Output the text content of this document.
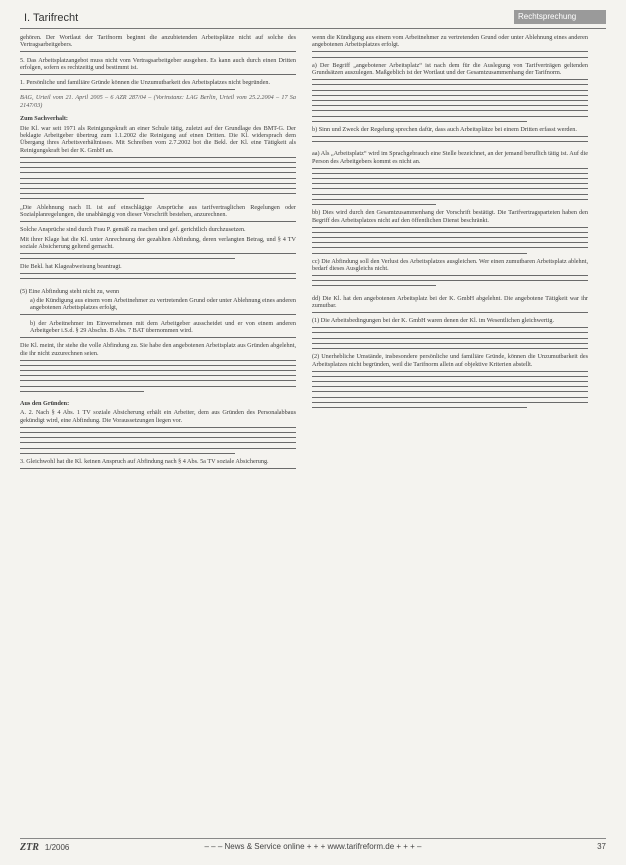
I. Tarifrecht	Rechtsprechung

gehören. Der Wortlaut der Tarifnorm beginnt die anzubietenden Arbeitsplätze nicht auf solche des Vertragsarbeitgebers.

5. Das Arbeitsplatzangebot muss nicht vom Vertragsarbeitgeber ausgehen. Es kann auch durch einen Dritten erfolgen, sofern es rechtzeitig und bestimmt ist.

1. Persönliche und familiäre Gründe können die Unzumutbarkeit des Arbeitsplatzes nicht begründen.

BAG, Urteil vom 21. April 2005 – 6 AZR 287/04 – (Vorinstanz: LAG Berlin, Urteil vom 25.2.2004 – 17 Sa 2147/03)

Zum Sachverhalt:

Die Kl. war seit 1971 als Reinigungskraft an einer Schule tätig, zuletzt auf der Grundlage des BMT-G. Der beklagte Arbeitgeber übertrug zum 1.1.2002 die Reinigung auf einen Dritten. Die Kl. widersprach dem Übergang ihres Arbeitsverhältnisses. Mit Schreiben vom 2.7.2002 bot die Bekl. der Kl. eine Tätigkeit als Reinigungskraft bei der K. GmbH an.

„Die Ablehnung nach II. ist auf einschlägige Ansprüche aus tarifvertraglichen Regelungen oder Sozialplanregelungen, die unabhängig von dieser Vorschrift bestehen, anzurechnen.

Solche Ansprüche sind durch Frau P. gemäß zu machen und gef. gerichtlich durchzusetzen.

Mit ihrer Klage hat die Kl. unter Anrechnung der gezahlten Abfindung, deren verlangten Betrag, und § 4 TV soziale Absicherung geltend gemacht.

Die Bekl. hat Klageabweisung beantragt.

(5) Eine Abfindung steht nicht zu, wenn

a) die Kündigung aus einem vom Arbeitnehmer zu vertretenden Grund oder unter Ablehnung eines anderen angebotenen Arbeitsplatzes erfolgt,

b) der Arbeitnehmer im Einvernehmen mit dem Arbeitgeber ausscheidet und er von einem anderen Arbeitgeber i.S.d. § 29 Abschn. B Abs. 7 BAT übernommen wird.

Die Kl. meint, ihr stehe die volle Abfindung zu. Sie habe den angebotenen Arbeitsplatz aus Gründen abgelehnt, die ihr nicht zuzurechnen seien.

Aus den Gründen:

A. 2. Nach § 4 Abs. 1 TV soziale Absicherung erhält ein Arbeiter, dem aus Gründen des Personalabbaus gekündigt wird, eine Abfindung. Die Voraussetzungen liegen vor.

3. Gleichwohl hat die Kl. keinen Anspruch auf Abfindung nach § 4 Abs. 5a TV soziale Absicherung.

wenn die Kündigung aus einem vom Arbeitnehmer zu vertretenden Grund oder unter Ablehnung eines anderen angebotenen Arbeitsplatzes erfolgt.

a) Der Begriff „angebotener Arbeitsplatz“ ist nach dem für die Auslegung von Tarifverträgen geltenden Grundsätzen auszulegen. Maßgeblich ist der Wortlaut und der Gesamtzusammenhang der Tarifnorm.

b) Sinn und Zweck der Regelung sprechen dafür, dass auch Arbeitsplätze bei einem Dritten erfasst werden.

aa) Als „Arbeitsplatz“ wird im Sprachgebrauch eine Stelle bezeichnet, an der jemand beruflich tätig ist. Auf die Person des Arbeitgebers kommt es nicht an.

bb) Dies wird durch den Gesamtzusammenhang der Vorschrift bestätigt. Die Tarifvertragsparteien haben den Begriff des Arbeitsplatzes nicht auf den öffentlichen Dienst beschränkt.

cc) Die Abfindung soll den Verlust des Arbeitsplatzes ausgleichen. Wer einen zumutbaren Arbeitsplatz ablehnt, bedarf dieses Ausgleichs nicht.

dd) Die Kl. hat den angebotenen Arbeitsplatz bei der K. GmbH abgelehnt. Die angebotene Tätigkeit war ihr zumutbar.

(1) Die Arbeitsbedingungen bei der K. GmbH waren denen der Kl. im Wesentlichen gleichwertig.

(2) Unerhebliche Umstände, insbesondere persönliche und familiäre Gründe, können die Unzumutbarkeit des Arbeitsplatzes nicht begründen, weil die Tarifnorm allein auf objektive Kriterien abstellt.

ZTR 1/2006	– – – News & Service online + + + www.tarifreform.de + + + –	37
